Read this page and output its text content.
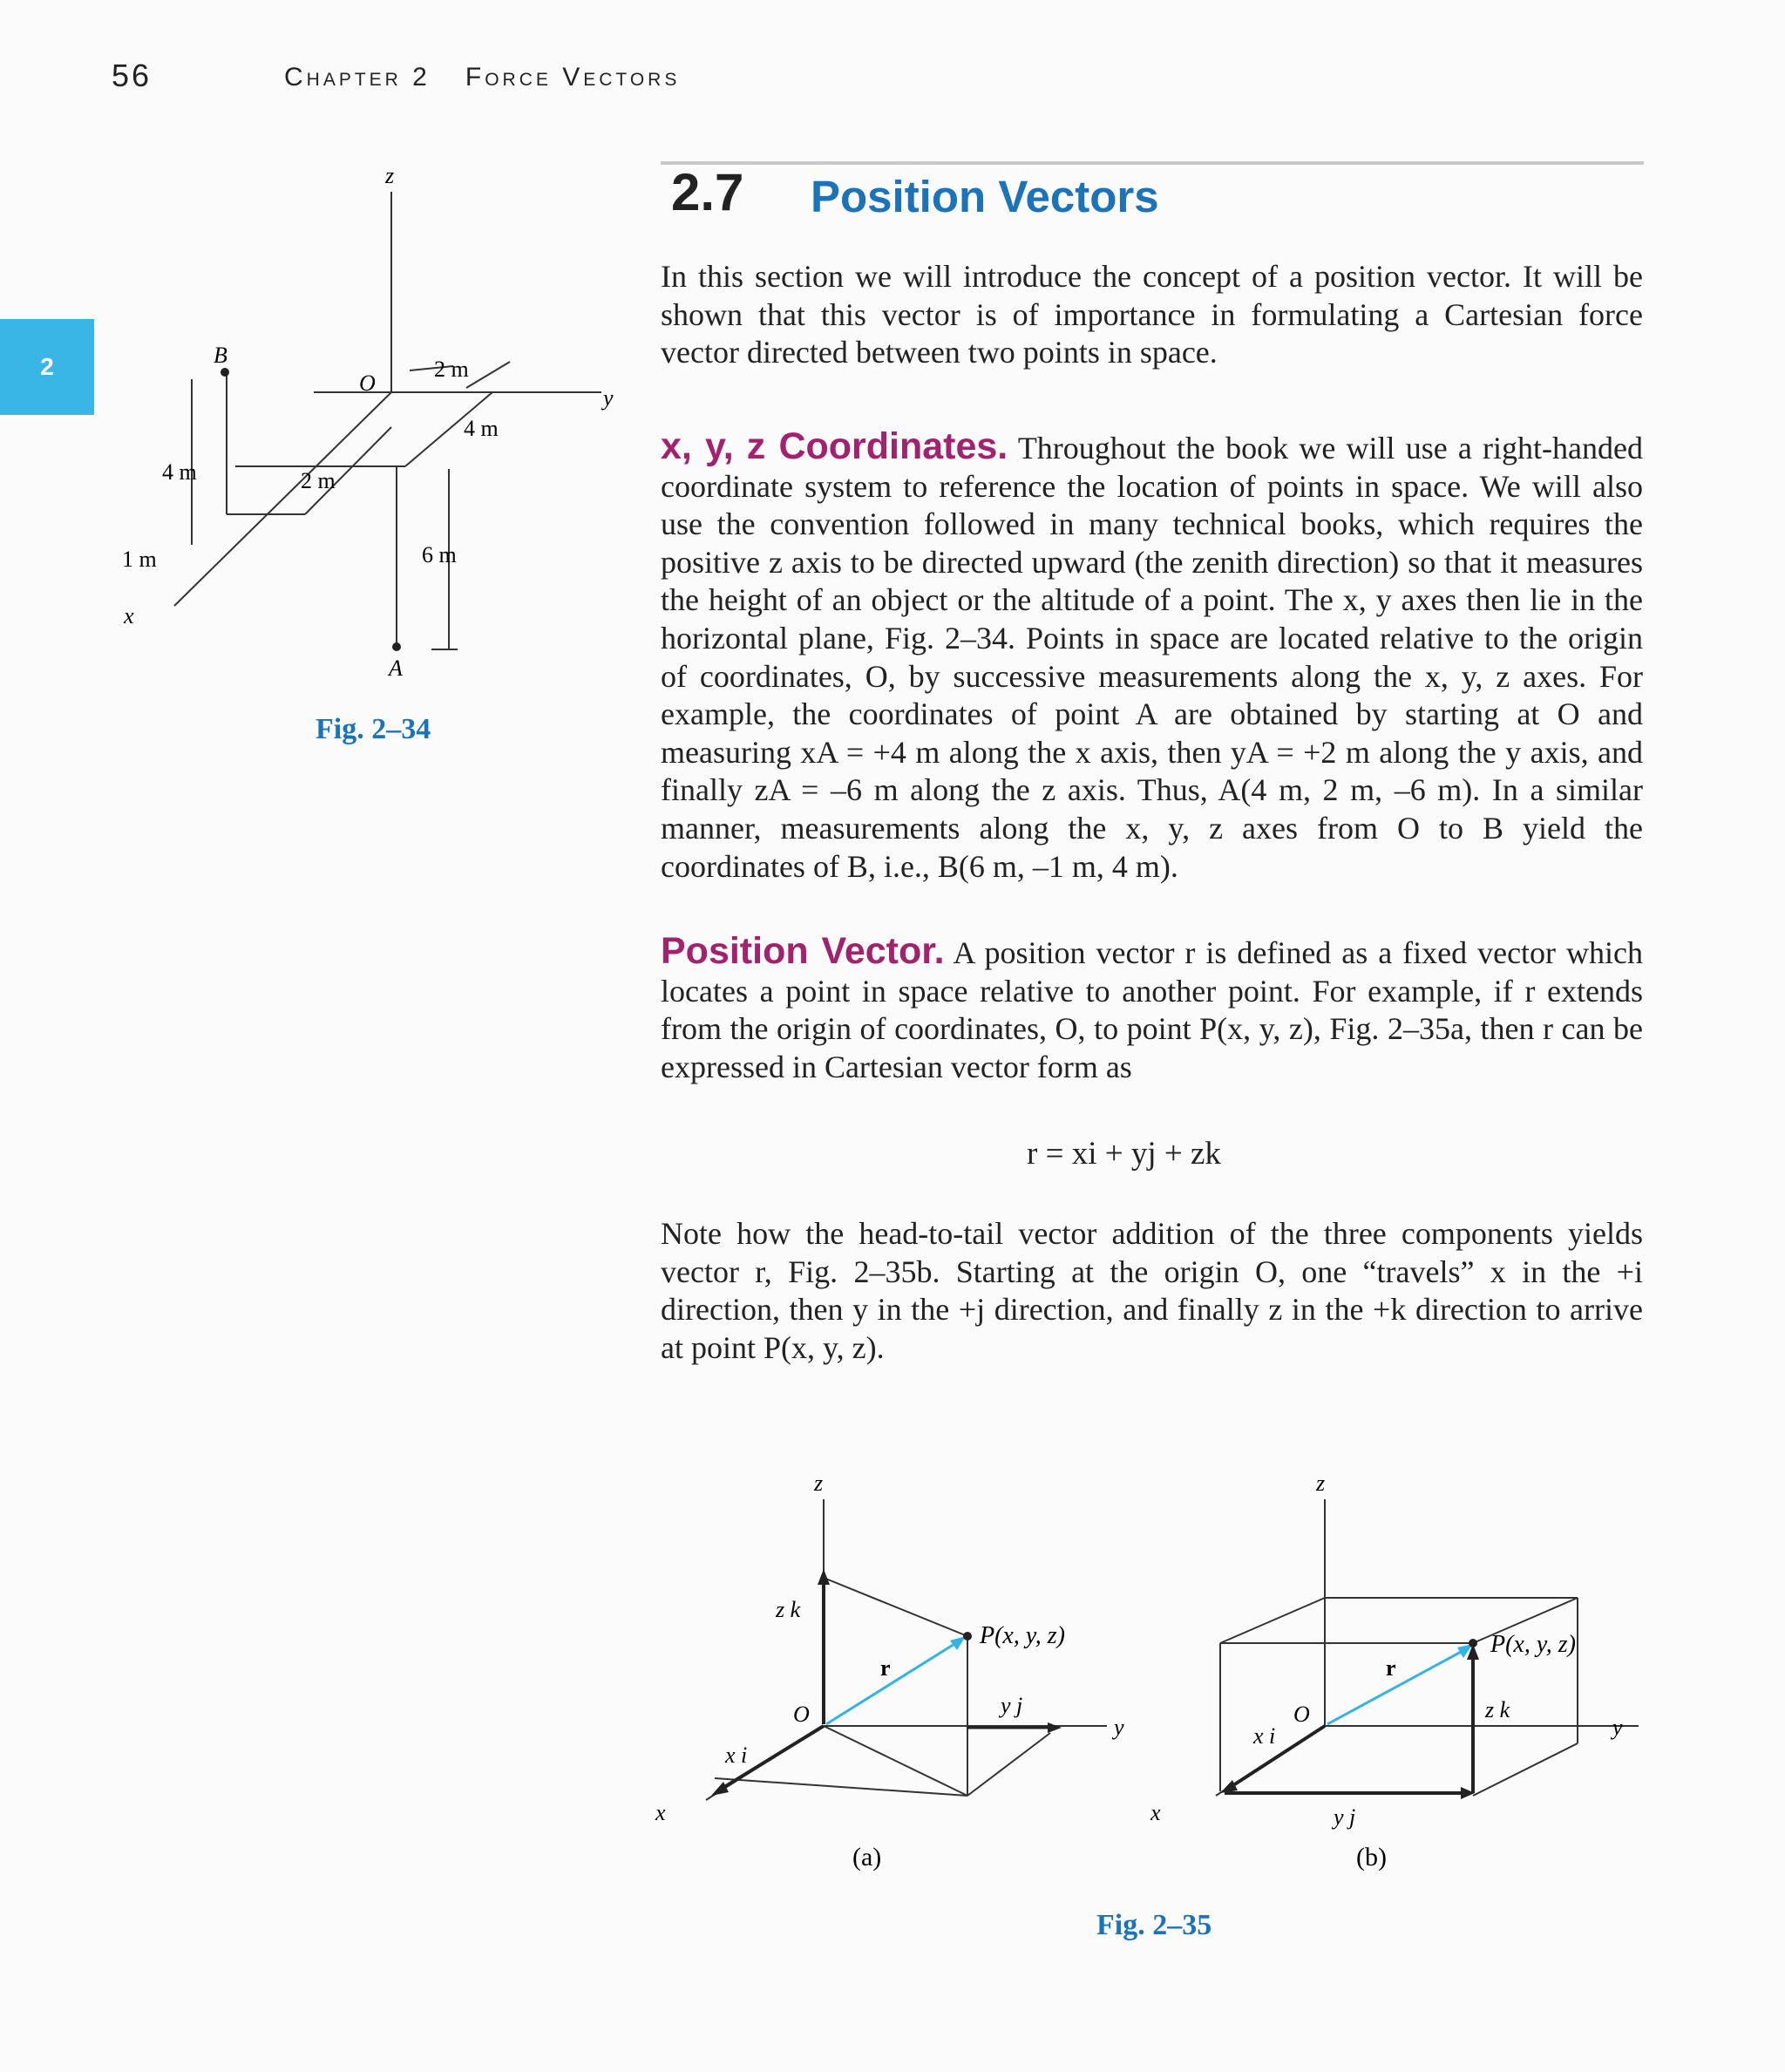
56	Chapter 2 Force Vectors
2
2.7 Position Vectors
In this section we will introduce the concept of a position vector. It will be shown that this vector is of importance in formulating a Cartesian force vector directed between two points in space.
x, y, z Coordinates. Throughout the book we will use a right-handed coordinate system to reference the location of points in space. We will also use the convention followed in many technical books, which requires the positive z axis to be directed upward (the zenith direction) so that it measures the height of an object or the altitude of a point. The x, y axes then lie in the horizontal plane, Fig. 2–34. Points in space are located relative to the origin of coordinates, O, by successive measurements along the x, y, z axes. For example, the coordinates of point A are obtained by starting at O and measuring xA = +4 m along the x axis, then yA = +2 m along the y axis, and finally zA = –6 m along the z axis. Thus, A(4 m, 2 m, –6 m). In a similar manner, measurements along the x, y, z axes from O to B yield the coordinates of B, i.e., B(6 m, –1 m, 4 m).
Position Vector. A position vector r is defined as a fixed vector which locates a point in space relative to another point. For example, if r extends from the origin of coordinates, O, to point P(x, y, z), Fig. 2–35a, then r can be expressed in Cartesian vector form as
r = xi + yj + zk
Note how the head-to-tail vector addition of the three components yields vector r, Fig. 2–35b. Starting at the origin O, one “travels” x in the +i direction, then y in the +j direction, and finally z in the +k direction to arrive at point P(x, y, z).
z
y
x
O
B
A
2 m
4 m
4 m	2 m
1 m	6 m
Fig. 2–34
z
y
x
O
z k
y j
x i
r
P(x, y, z)
(a)
z
y
x
O	z k
y j
x i
r
P(x, y, z)
(b)
Fig. 2–35
